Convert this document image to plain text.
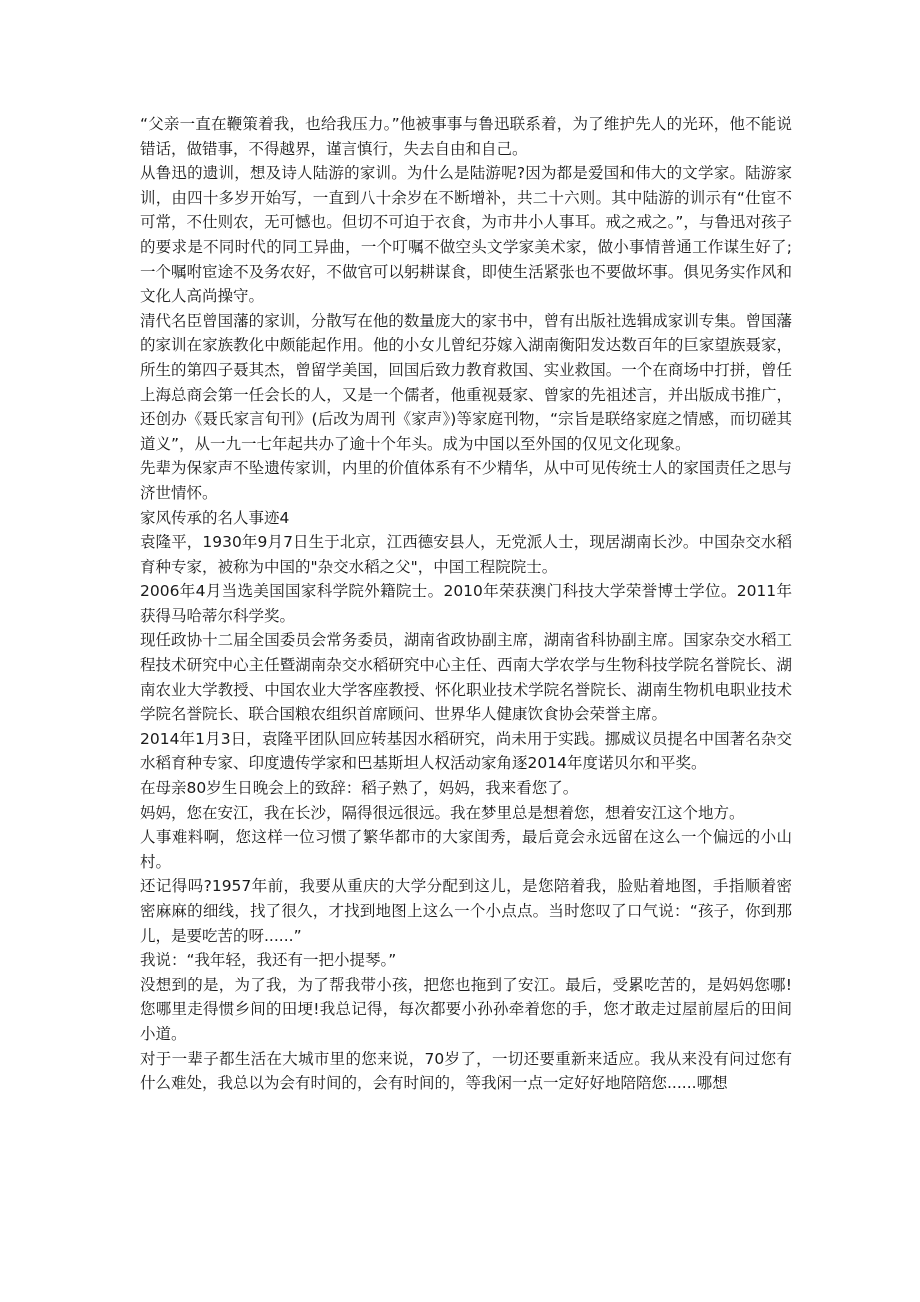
“父亲一直在鞭策着我，也给我压力。”他被事事与鲁迅联系着，为了维护先人的光环，他不能说错话，做错事，不得越界，谨言慎行，失去自由和自己。

从鲁迅的遗训，想及诗人陆游的家训。为什么是陆游呢?因为都是爱国和伟大的文学家。陆游家训，由四十多岁开始写，一直到八十余岁在不断增补，共二十六则。其中陆游的训示有“仕宦不可常，不仕则农，无可憾也。但切不可迫于衣食，为市井小人事耳。戒之戒之。”，与鲁迅对孩子的要求是不同时代的同工异曲，一个叮嘱不做空头文学家美术家，做小事情普通工作谋生好了;一个嘱咐宦途不及务农好，不做官可以躬耕谋食，即使生活紧张也不要做坏事。俱见务实作风和文化人高尚操守。

清代名臣曾国藩的家训，分散写在他的数量庞大的家书中，曾有出版社选辑成家训专集。曾国藩的家训在家族教化中颇能起作用。他的小女儿曾纪芬嫁入湖南衡阳发达数百年的巨家望族聂家，所生的第四子聂其杰，曾留学美国，回国后致力教育救国、实业救国。一个在商场中打拼，曾任上海总商会第一任会长的人，又是一个儒者，他重视聂家、曾家的先祖述言，并出版成书推广，还创办《聂氏家言旬刊》(后改为周刊《家声》)等家庭刊物，“宗旨是联络家庭之情感，而切磋其道义”，从一九一七年起共办了逾十个年头。成为中国以至外国的仅见文化现象。

先辈为保家声不坠遗传家训，内里的价值体系有不少精华，从中可见传统士人的家国责任之思与济世情怀。

家风传承的名人事迹4

袁隆平，1930年9月7日生于北京，江西德安县人，无党派人士，现居湖南长沙。中国杂交水稻育种专家，被称为中国的"杂交水稻之父"，中国工程院院士。

2006年4月当选美国国家科学院外籍院士。2010年荣获澳门科技大学荣誉博士学位。2011年获得马哈蒂尔科学奖。

现任政协十二届全国委员会常务委员，湖南省政协副主席，湖南省科协副主席。国家杂交水稻工程技术研究中心主任暨湖南杂交水稻研究中心主任、西南大学农学与生物科技学院名誉院长、湖南农业大学教授、中国农业大学客座教授、怀化职业技术学院名誉院长、湖南生物机电职业技术学院名誉院长、联合国粮农组织首席顾问、世界华人健康饮食协会荣誉主席。

2014年1月3日，袁隆平团队回应转基因水稻研究，尚未用于实践。挪威议员提名中国著名杂交水稻育种专家、印度遗传学家和巴基斯坦人权活动家角逐2014年度诺贝尔和平奖。

在母亲80岁生日晚会上的致辞：稻子熟了，妈妈，我来看您了。

妈妈，您在安江，我在长沙，隔得很远很远。我在梦里总是想着您，想着安江这个地方。

人事难料啊，您这样一位习惯了繁华都市的大家闺秀，最后竟会永远留在这么一个偏远的小山村。

还记得吗?1957年前，我要从重庆的大学分配到这儿，是您陪着我，脸贴着地图，手指顺着密密麻麻的细线，找了很久，才找到地图上这么一个小点点。当时您叹了口气说：“孩子，你到那儿，是要吃苦的呀......”

我说：“我年轻，我还有一把小提琴。”

没想到的是，为了我，为了帮我带小孩，把您也拖到了安江。最后，受累吃苦的，是妈妈您哪!您哪里走得惯乡间的田埂!我总记得，每次都要小孙孙牵着您的手，您才敢走过屋前屋后的田间小道。

对于一辈子都生活在大城市里的您来说，70岁了，一切还要重新来适应。我从来没有问过您有什么难处，我总以为会有时间的，会有时间的，等我闲一点一定好好地陪陪您......哪想
